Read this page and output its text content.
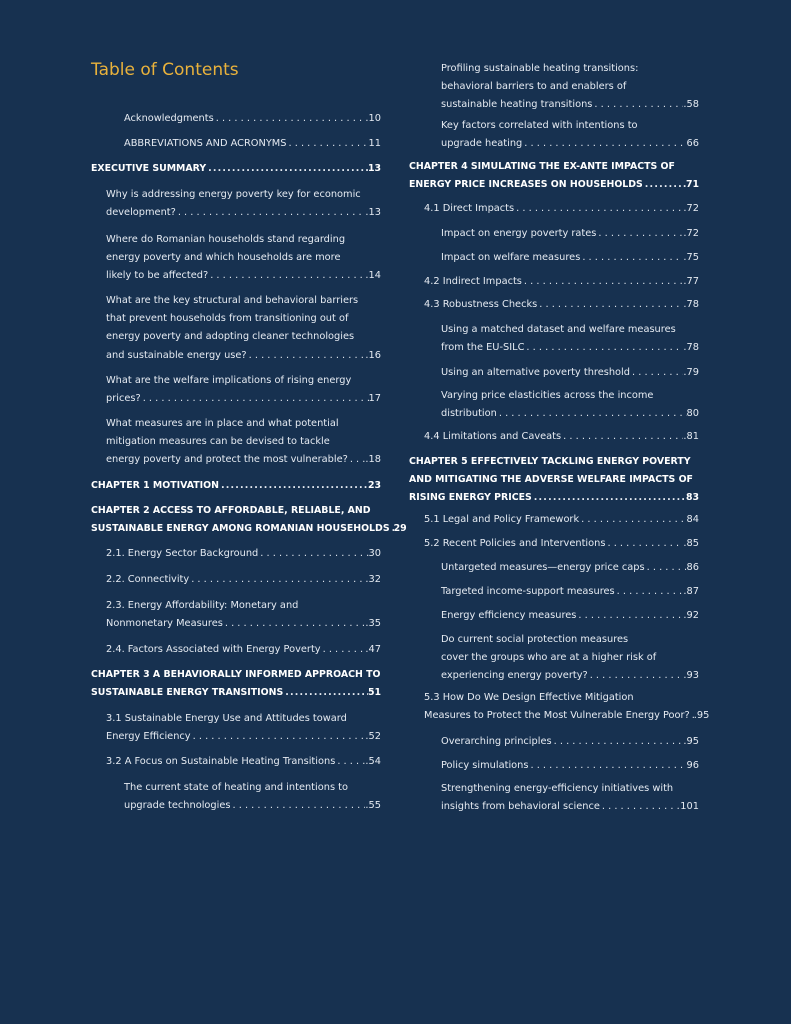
Table of Contents
Acknowledgments . . .	.10
ABBREVIATIONS AND ACRONYMS . . .	11
EXECUTIVE SUMMARY .....	13
Why is addressing energy poverty key for economic
development? . . .	.13
Where do Romanian households stand regarding
energy poverty and which households are more
likely to be affected? . . .	.14
What are the key structural and behavioral barriers
that prevent households from transitioning out of
energy poverty and adopting cleaner technologies
and sustainable energy use? . . .	.16
What are the welfare implications of rising energy
prices? . . .	17
What measures are in place and what potential
mitigation measures can be devised to tackle
energy poverty and protect the most vulnerable? . . . .18
CHAPTER 1 MOTIVATION .....	23
CHAPTER 2 ACCESS TO AFFORDABLE, RELIABLE, AND
SUSTAINABLE ENERGY AMONG ROMANIAN HOUSEHOLDS ..... 29
2.1. Energy Sector Background . . .	30
2.2. Connectivity . . .	.32
2.3. Energy Affordability: Monetary and
Nonmonetary Measures . . .	.35
2.4. Factors Associated with Energy Poverty . . .	.47
CHAPTER 3 A BEHAVIORALLY INFORMED APPROACH TO
SUSTAINABLE ENERGY TRANSITIONS .....	51
3.1 Sustainable Energy Use and Attitudes toward
Energy Efficiency . . .	.52
3.2 A Focus on Sustainable Heating Transitions . . .	.54
The current state of heating and intentions to
upgrade technologies . . .	.55
Profiling sustainable heating transitions:
behavioral barriers to and enablers of
sustainable heating transitions . . .	.58
Key factors correlated with intentions to
upgrade heating . . .	66
CHAPTER 4 SIMULATING THE EX-ANTE IMPACTS OF
ENERGY PRICE INCREASES ON HOUSEHOLDS .....	71
4.1 Direct Impacts . . .	.72
Impact on energy poverty rates . . .	.72
Impact on welfare measures . . .	.75
4.2 Indirect Impacts . . .	.77
4.3 Robustness Checks . . .	.78
Using a matched dataset and welfare measures
from the EU-SILC . . .	.78
Using an alternative poverty threshold . . .	.79
Varying price elasticities across the income
distribution . . .	80
4.4 Limitations and Caveats . . .	.81
CHAPTER 5 EFFECTIVELY TACKLING ENERGY POVERTY
AND MITIGATING THE ADVERSE WELFARE IMPACTS OF
RISING ENERGY PRICES .....	83
5.1 Legal and Policy Framework . . .	84
5.2 Recent Policies and Interventions . . .	.85
Untargeted measures—energy price caps . . .	86
Targeted income-support measures . . .	.87
Energy efficiency measures . . .	.92
Do current social protection measures
cover the groups who are at a higher risk of
experiencing energy poverty? . . .	.93
5.3 How Do We Design Effective Mitigation
Measures to Protect the Most Vulnerable Energy Poor? . . . .95
Overarching principles . . .	.95
Policy simulations . . .	96
Strengthening energy-efficiency initiatives with
insights from behavioral science . . .	101
